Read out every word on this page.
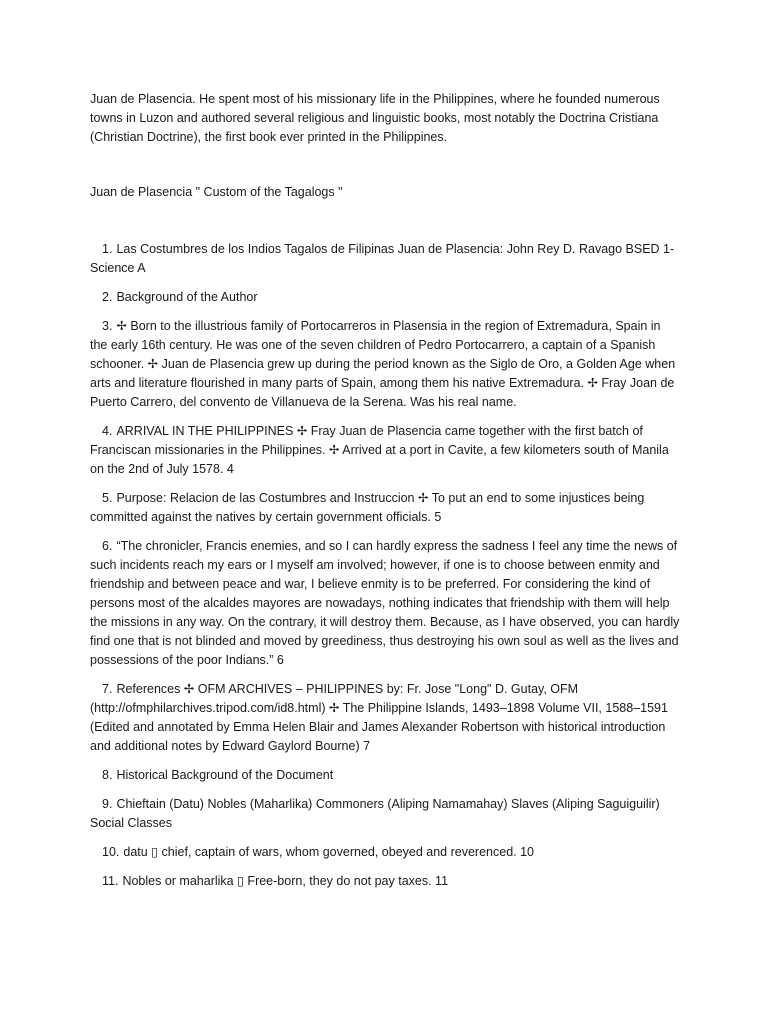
Juan de Plasencia. He spent most of his missionary life in the Philippines, where he founded numerous towns in Luzon and authored several religious and linguistic books, most notably the Doctrina Cristiana (Christian Doctrine), the first book ever printed in the Philippines.

Juan de Plasencia " Custom of the Tagalogs "

1. Las Costumbres de los Indios Tagalos de Filipinas Juan de Plasencia: John Rey D. Ravago BSED 1-Science A
2. Background of the Author
3. ✢ Born to the illustrious family of Portocarreros in Plasensia in the region of Extremadura, Spain in the early 16th century. He was one of the seven children of Pedro Portocarrero, a captain of a Spanish schooner. ✢ Juan de Plasencia grew up during the period known as the Siglo de Oro, a Golden Age when arts and literature flourished in many parts of Spain, among them his native Extremadura. ✢ Fray Joan de Puerto Carrero, del convento de Villanueva de la Serena. Was his real name.
4. ARRIVAL IN THE PHILIPPINES ✢ Fray Juan de Plasencia came together with the first batch of Franciscan missionaries in the Philippines. ✢ Arrived at a port in Cavite, a few kilometers south of Manila on the 2nd of July 1578. 4
5. Purpose: Relacion de las Costumbres and Instruccion ✢ To put an end to some injustices being committed against the natives by certain government officials. 5
6. “The chronicler, Francis enemies, and so I can hardly express the sadness I feel any time the news of such incidents reach my ears or I myself am involved; however, if one is to choose between enmity and friendship and between peace and war, I believe enmity is to be preferred. For considering the kind of persons most of the alcaldes mayores are nowadays, nothing indicates that friendship with them will help the missions in any way. On the contrary, it will destroy them. Because, as I have observed, you can hardly find one that is not blinded and moved by greediness, thus destroying his own soul as well as the lives and possessions of the poor Indians.” 6
7. References ✢ OFM ARCHIVES – PHILIPPINES by: Fr. Jose "Long" D. Gutay, OFM (http://ofmphilarchives.tripod.com/id8.html) ✢ The Philippine Islands, 1493–1898 Volume VII, 1588–1591 (Edited and annotated by Emma Helen Blair and James Alexander Robertson with historical introduction and additional notes by Edward Gaylord Bourne) 7
8. Historical Background of the Document
9. Chieftain (Datu) Nobles (Maharlika) Commoners (Aliping Namamahay) Slaves (Aliping Saguiguilir) Social Classes
10. datu ▯ chief, captain of wars, whom governed, obeyed and reverenced. 10
11. Nobles or maharlika ▯ Free-born, they do not pay taxes. 11
